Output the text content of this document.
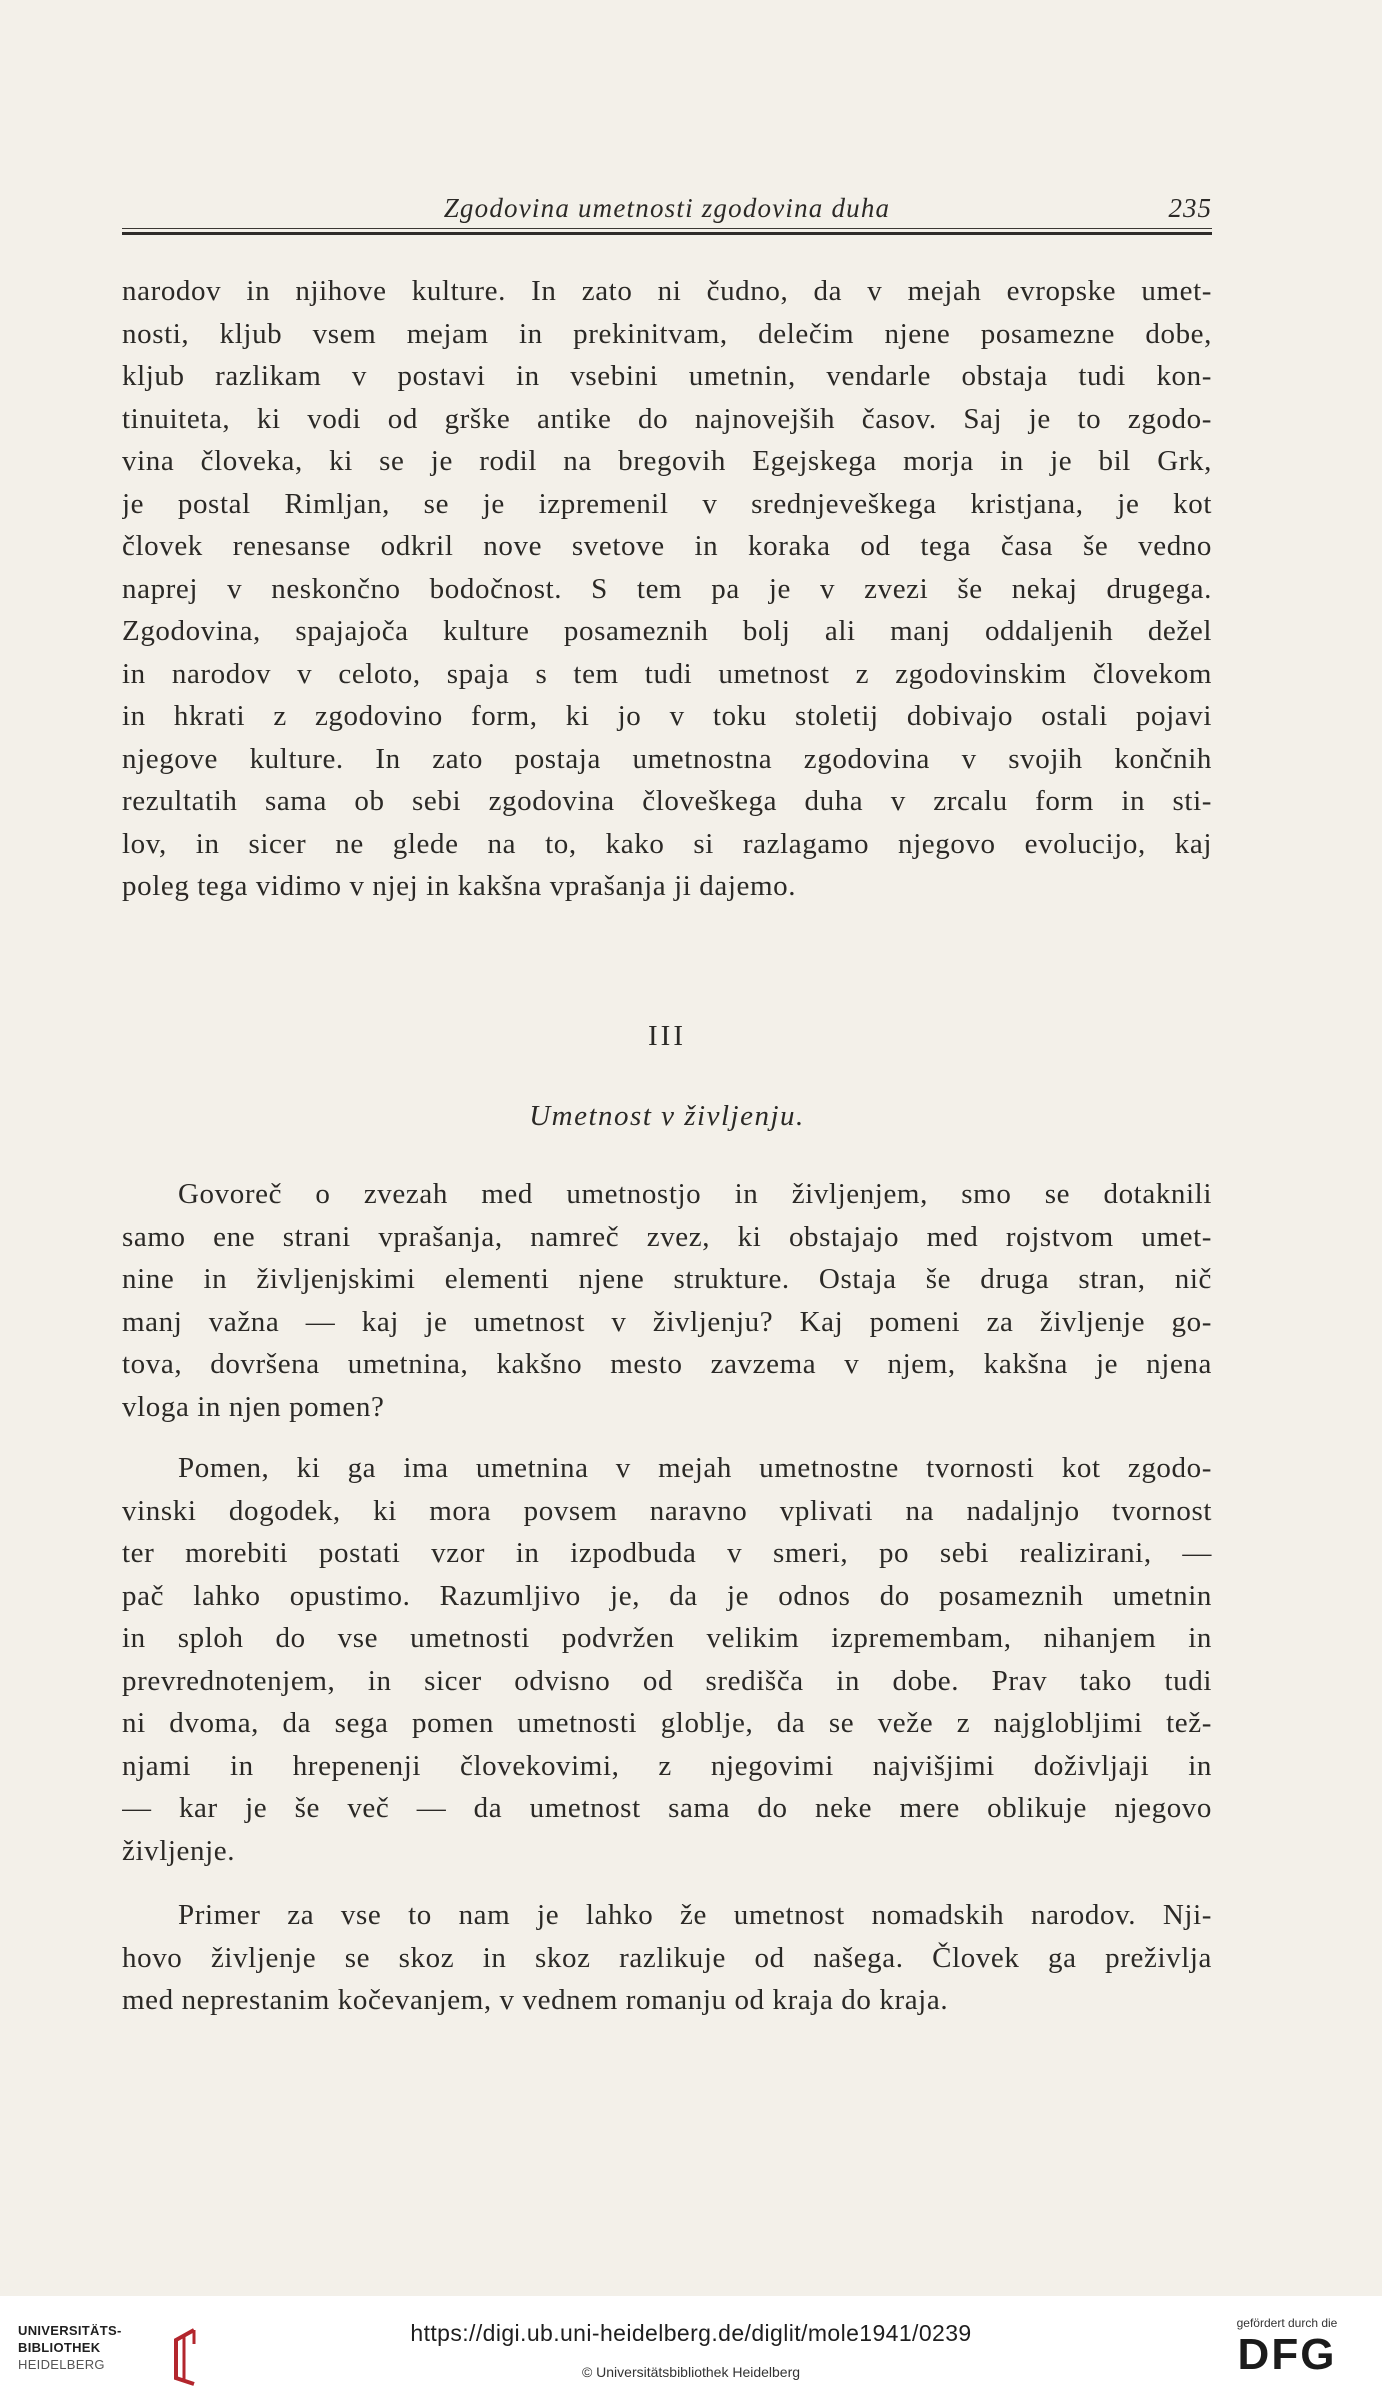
Zgodovina umetnosti zgodovina duha	235
narodov in njihove kulture. In zato ni čudno, da v mejah evropske umet-
nosti, kljub vsem mejam in prekinitvam, delečim njene posamezne dobe,
kljub razlikam v postavi in vsebini umetnin, vendarle obstaja tudi kon-
tinuiteta, ki vodi od grške antike do najnovejših časov. Saj je to zgodo-
vina človeka, ki se je rodil na bregovih Egejskega morja in je bil Grk,
je postal Rimljan, se je izpremenil v srednjeveškega kristjana, je kot
človek renesanse odkril nove svetove in koraka od tega časa še vedno
naprej v neskončno bodočnost. S tem pa je v zvezi še nekaj drugega.
Zgodovina, spajajoča kulture posameznih bolj ali manj oddaljenih dežel
in narodov v celoto, spaja s tem tudi umetnost z zgodovinskim človekom
in hkrati z zgodovino form, ki jo v toku stoletij dobivajo ostali pojavi
njegove kulture. In zato postaja umetnostna zgodovina v svojih končnih
rezultatih sama ob sebi zgodovina človeškega duha v zrcalu form in sti-
lov, in sicer ne glede na to, kako si razlagamo njegovo evolucijo, kaj
poleg tega vidimo v njej in kakšna vprašanja ji dajemo.
III
Umetnost v življenju.
Govoreč o zvezah med umetnostjo in življenjem, smo se dotaknili
samo ene strani vprašanja, namreč zvez, ki obstajajo med rojstvom umet-
nine in življenjskimi elementi njene strukture. Ostaja še druga stran, nič
manj važna — kaj je umetnost v življenju? Kaj pomeni za življenje go-
tova, dovršena umetnina, kakšno mesto zavzema v njem, kakšna je njena
vloga in njen pomen?
Pomen, ki ga ima umetnina v mejah umetnostne tvornosti kot zgodo-
vinski dogodek, ki mora povsem naravno vplivati na nadaljnjo tvornost
ter morebiti postati vzor in izpodbuda v smeri, po sebi realizirani, —
pač lahko opustimo. Razumljivo je, da je odnos do posameznih umetnin
in sploh do vse umetnosti podvržen velikim izpremembam, nihanjem in
prevrednotenjem, in sicer odvisno od središča in dobe. Prav tako tudi
ni dvoma, da sega pomen umetnosti globlje, da se veže z najglobljimi tež-
njami in hrepenenji človekovimi, z njegovimi najvišjimi doživljaji in
— kar je še več — da umetnost sama do neke mere oblikuje njegovo
življenje.
Primer za vse to nam je lahko že umetnost nomadskih narodov. Nji-
hovo življenje se skoz in skoz razlikuje od našega. Človek ga preživlja
med neprestanim kočevanjem, v vednem romanju od kraja do kraja.
UNIVERSITÄTS-
BIBLIOTHEK
HEIDELBERG
https://digi.ub.uni-heidelberg.de/diglit/mole1941/0239
© Universitätsbibliothek Heidelberg
gefördert durch die
DFG
